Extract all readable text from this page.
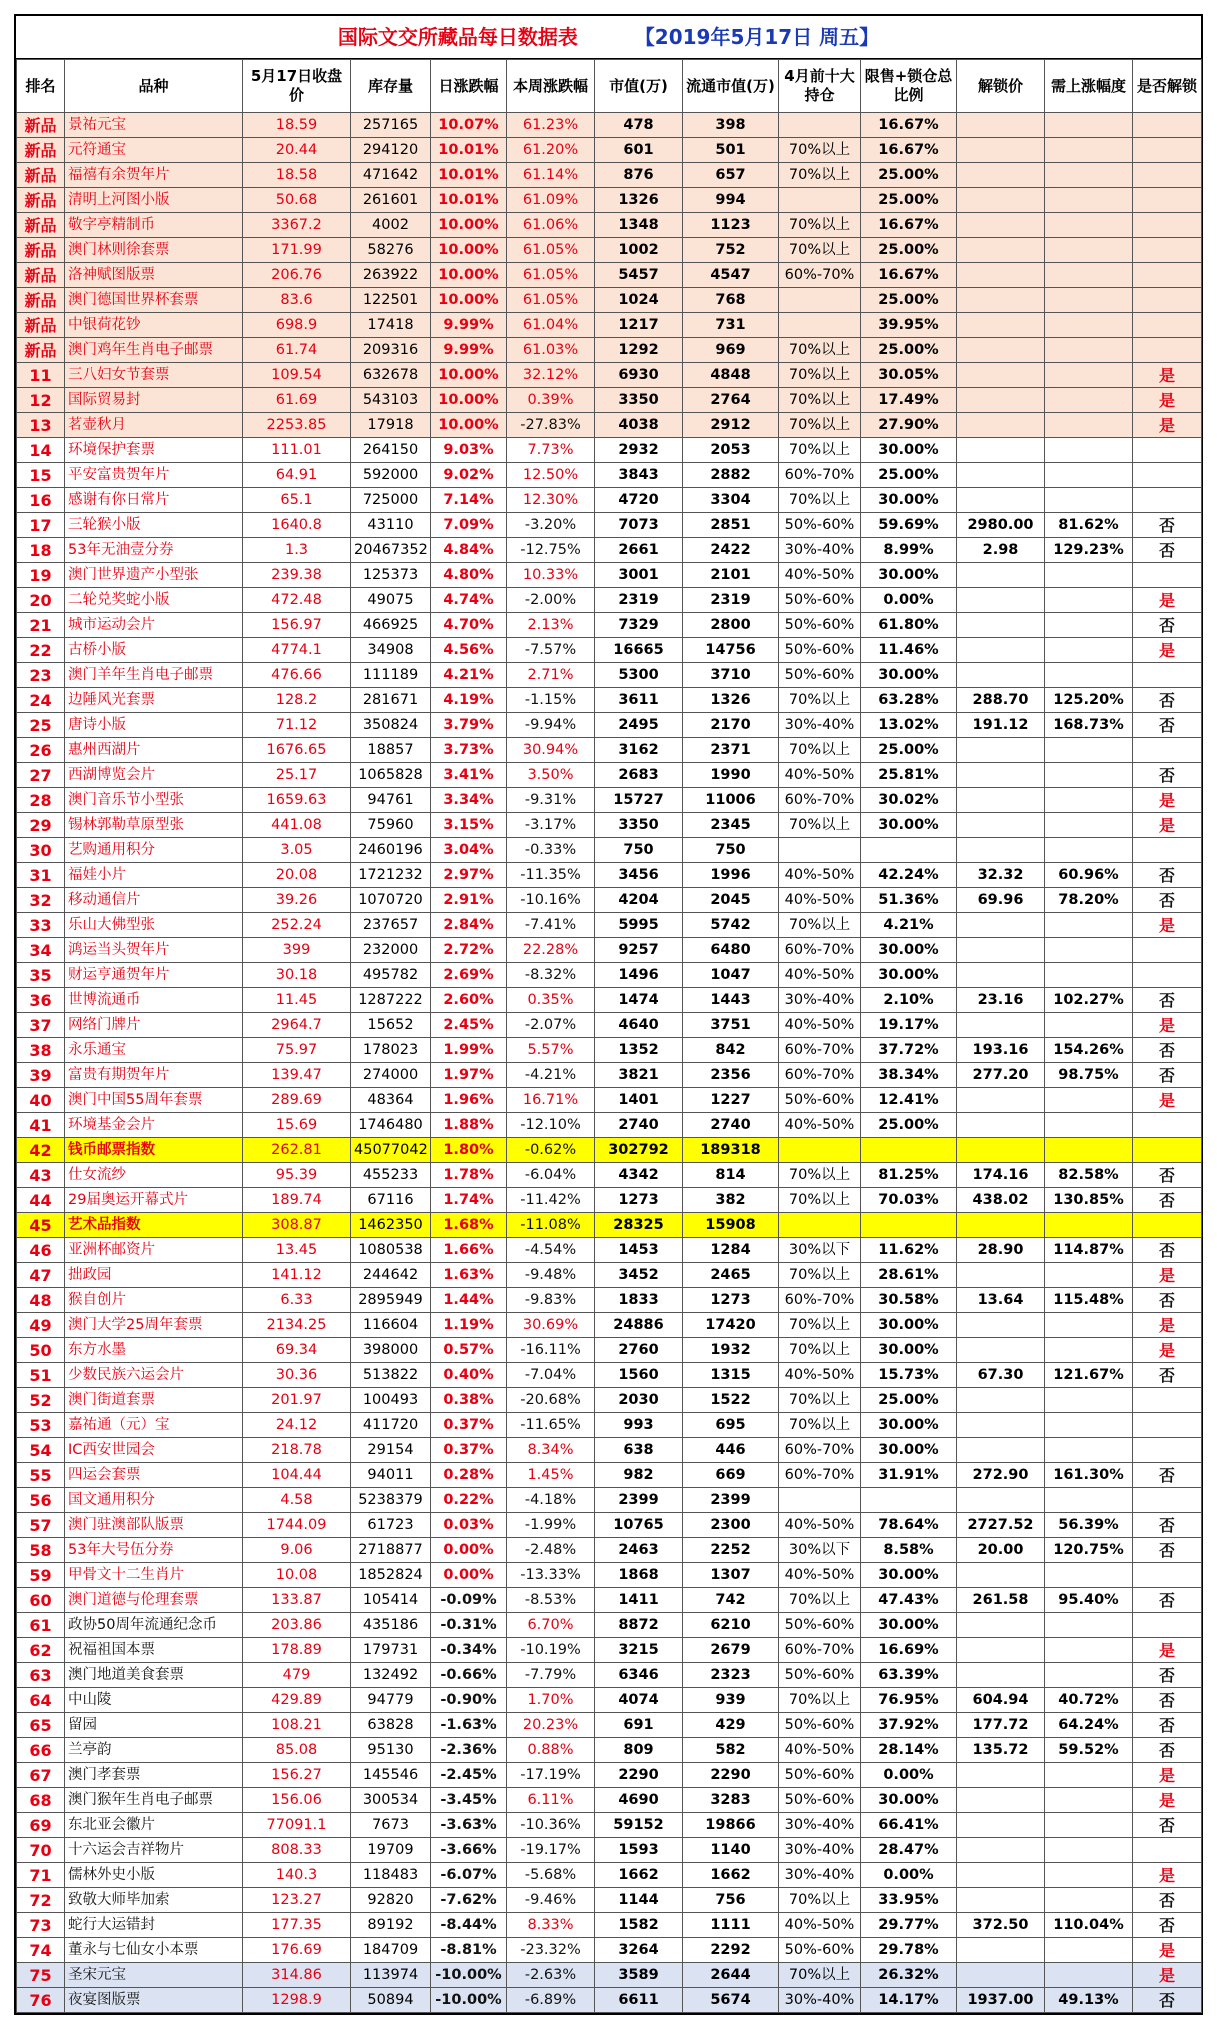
国际文交所藏品每日数据表	【2019年5月17日 周五】
排名	品种	5月17日收盘价	库存量	日涨跌幅	本周涨跌幅	市值(万)	流通市值(万)	4月前十大持仓	限售+锁仓总比例	解锁价	需上涨幅度	是否解锁
新品	景祐元宝	18.59	257165	10.07%	61.23%	478	398		16.67%			
新品	元符通宝	20.44	294120	10.01%	61.20%	601	501	70%以上	16.67%			
新品	福禧有余贺年片	18.58	471642	10.01%	61.14%	876	657	70%以上	25.00%			
新品	清明上河图小版	50.68	261601	10.01%	61.09%	1326	994		25.00%			
新品	敬字亭精制币	3367.2	4002	10.00%	61.06%	1348	1123	70%以上	16.67%			
新品	澳门林则徐套票	171.99	58276	10.00%	61.05%	1002	752	70%以上	25.00%			
新品	洛神赋图版票	206.76	263922	10.00%	61.05%	5457	4547	60%-70%	16.67%			
新品	澳门德国世界杯套票	83.6	122501	10.00%	61.05%	1024	768		25.00%			
新品	中银荷花钞	698.9	17418	9.99%	61.04%	1217	731		39.95%			
新品	澳门鸡年生肖电子邮票	61.74	209316	9.99%	61.03%	1292	969	70%以上	25.00%			
11	三八妇女节套票	109.54	632678	10.00%	32.12%	6930	4848	70%以上	30.05%			是
12	国际贸易封	61.69	543103	10.00%	0.39%	3350	2764	70%以上	17.49%			是
13	茗壶秋月	2253.85	17918	10.00%	-27.83%	4038	2912	70%以上	27.90%			是
14	环境保护套票	111.01	264150	9.03%	7.73%	2932	2053	70%以上	30.00%			
15	平安富贵贺年片	64.91	592000	9.02%	12.50%	3843	2882	60%-70%	25.00%			
16	感谢有你日常片	65.1	725000	7.14%	12.30%	4720	3304	70%以上	30.00%			
17	三轮猴小版	1640.8	43110	7.09%	-3.20%	7073	2851	50%-60%	59.69%	2980.00	81.62%	否
18	53年无油壹分券	1.3	20467352	4.84%	-12.75%	2661	2422	30%-40%	8.99%	2.98	129.23%	否
19	澳门世界遗产小型张	239.38	125373	4.80%	10.33%	3001	2101	40%-50%	30.00%			
20	二轮兑奖蛇小版	472.48	49075	4.74%	-2.00%	2319	2319	50%-60%	0.00%			是
21	城市运动会片	156.97	466925	4.70%	2.13%	7329	2800	50%-60%	61.80%			否
22	古桥小版	4774.1	34908	4.56%	-7.57%	16665	14756	50%-60%	11.46%			是
23	澳门羊年生肖电子邮票	476.66	111189	4.21%	2.71%	5300	3710	50%-60%	30.00%			
24	边陲风光套票	128.2	281671	4.19%	-1.15%	3611	1326	70%以上	63.28%	288.70	125.20%	否
25	唐诗小版	71.12	350824	3.79%	-9.94%	2495	2170	30%-40%	13.02%	191.12	168.73%	否
26	惠州西湖片	1676.65	18857	3.73%	30.94%	3162	2371	70%以上	25.00%			
27	西湖博览会片	25.17	1065828	3.41%	3.50%	2683	1990	40%-50%	25.81%			否
28	澳门音乐节小型张	1659.63	94761	3.34%	-9.31%	15727	11006	60%-70%	30.02%			是
29	锡林郭勒草原型张	441.08	75960	3.15%	-3.17%	3350	2345	70%以上	30.00%			是
30	艺购通用积分	3.05	2460196	3.04%	-0.33%	750	750					
31	福娃小片	20.08	1721232	2.97%	-11.35%	3456	1996	40%-50%	42.24%	32.32	60.96%	否
32	移动通信片	39.26	1070720	2.91%	-10.16%	4204	2045	40%-50%	51.36%	69.96	78.20%	否
33	乐山大佛型张	252.24	237657	2.84%	-7.41%	5995	5742	70%以上	4.21%			是
34	鸿运当头贺年片	399	232000	2.72%	22.28%	9257	6480	60%-70%	30.00%			
35	财运亨通贺年片	30.18	495782	2.69%	-8.32%	1496	1047	40%-50%	30.00%			
36	世博流通币	11.45	1287222	2.60%	0.35%	1474	1443	30%-40%	2.10%	23.16	102.27%	否
37	网络门牌片	2964.7	15652	2.45%	-2.07%	4640	3751	40%-50%	19.17%			是
38	永乐通宝	75.97	178023	1.99%	5.57%	1352	842	60%-70%	37.72%	193.16	154.26%	否
39	富贵有期贺年片	139.47	274000	1.97%	-4.21%	3821	2356	60%-70%	38.34%	277.20	98.75%	否
40	澳门中国55周年套票	289.69	48364	1.96%	16.71%	1401	1227	50%-60%	12.41%			是
41	环境基金会片	15.69	1746480	1.88%	-12.10%	2740	2740	40%-50%	25.00%			
42	钱币邮票指数	262.81	45077042	1.80%	-0.62%	302792	189318					
43	仕女流纱	95.39	455233	1.78%	-6.04%	4342	814	70%以上	81.25%	174.16	82.58%	否
44	29届奥运开幕式片	189.74	67116	1.74%	-11.42%	1273	382	70%以上	70.03%	438.02	130.85%	否
45	艺术品指数	308.87	1462350	1.68%	-11.08%	28325	15908					
46	亚洲杯邮资片	13.45	1080538	1.66%	-4.54%	1453	1284	30%以下	11.62%	28.90	114.87%	否
47	拙政园	141.12	244642	1.63%	-9.48%	3452	2465	70%以上	28.61%			是
48	猴自创片	6.33	2895949	1.44%	-9.83%	1833	1273	60%-70%	30.58%	13.64	115.48%	否
49	澳门大学25周年套票	2134.25	116604	1.19%	30.69%	24886	17420	70%以上	30.00%			是
50	东方水墨	69.34	398000	0.57%	-16.11%	2760	1932	70%以上	30.00%			是
51	少数民族六运会片	30.36	513822	0.40%	-7.04%	1560	1315	40%-50%	15.73%	67.30	121.67%	否
52	澳门街道套票	201.97	100493	0.38%	-20.68%	2030	1522	70%以上	25.00%			
53	嘉祐通（元）宝	24.12	411720	0.37%	-11.65%	993	695	70%以上	30.00%			
54	IC西安世园会	218.78	29154	0.37%	8.34%	638	446	60%-70%	30.00%			
55	四运会套票	104.44	94011	0.28%	1.45%	982	669	60%-70%	31.91%	272.90	161.30%	否
56	国文通用积分	4.58	5238379	0.22%	-4.18%	2399	2399					
57	澳门驻澳部队版票	1744.09	61723	0.03%	-1.99%	10765	2300	40%-50%	78.64%	2727.52	56.39%	否
58	53年大号伍分券	9.06	2718877	0.00%	-2.48%	2463	2252	30%以下	8.58%	20.00	120.75%	否
59	甲骨文十二生肖片	10.08	1852824	0.00%	-13.33%	1868	1307	40%-50%	30.00%			
60	澳门道德与伦理套票	133.87	105414	-0.09%	-8.53%	1411	742	70%以上	47.43%	261.58	95.40%	否
61	政协50周年流通纪念币	203.86	435186	-0.31%	6.70%	8872	6210	50%-60%	30.00%			
62	祝福祖国本票	178.89	179731	-0.34%	-10.19%	3215	2679	60%-70%	16.69%			是
63	澳门地道美食套票	479	132492	-0.66%	-7.79%	6346	2323	50%-60%	63.39%			否
64	中山陵	429.89	94779	-0.90%	1.70%	4074	939	70%以上	76.95%	604.94	40.72%	否
65	留园	108.21	63828	-1.63%	20.23%	691	429	50%-60%	37.92%	177.72	64.24%	否
66	兰亭韵	85.08	95130	-2.36%	0.88%	809	582	40%-50%	28.14%	135.72	59.52%	否
67	澳门孝套票	156.27	145546	-2.45%	-17.19%	2290	2290	50%-60%	0.00%			是
68	澳门猴年生肖电子邮票	156.06	300534	-3.45%	6.11%	4690	3283	50%-60%	30.00%			是
69	东北亚会徽片	77091.1	7673	-3.63%	-10.36%	59152	19866	30%-40%	66.41%			否
70	十六运会吉祥物片	808.33	19709	-3.66%	-19.17%	1593	1140	30%-40%	28.47%			
71	儒林外史小版	140.3	118483	-6.07%	-5.68%	1662	1662	30%-40%	0.00%			是
72	致敬大师毕加索	123.27	92820	-7.62%	-9.46%	1144	756	70%以上	33.95%			否
73	蛇行大运错封	177.35	89192	-8.44%	8.33%	1582	1111	40%-50%	29.77%	372.50	110.04%	否
74	董永与七仙女小本票	176.69	184709	-8.81%	-23.32%	3264	2292	50%-60%	29.78%			是
75	圣宋元宝	314.86	113974	-10.00%	-2.63%	3589	2644	70%以上	26.32%			是
76	夜宴图版票	1298.9	50894	-10.00%	-6.89%	6611	5674	30%-40%	14.17%	1937.00	49.13%	否
